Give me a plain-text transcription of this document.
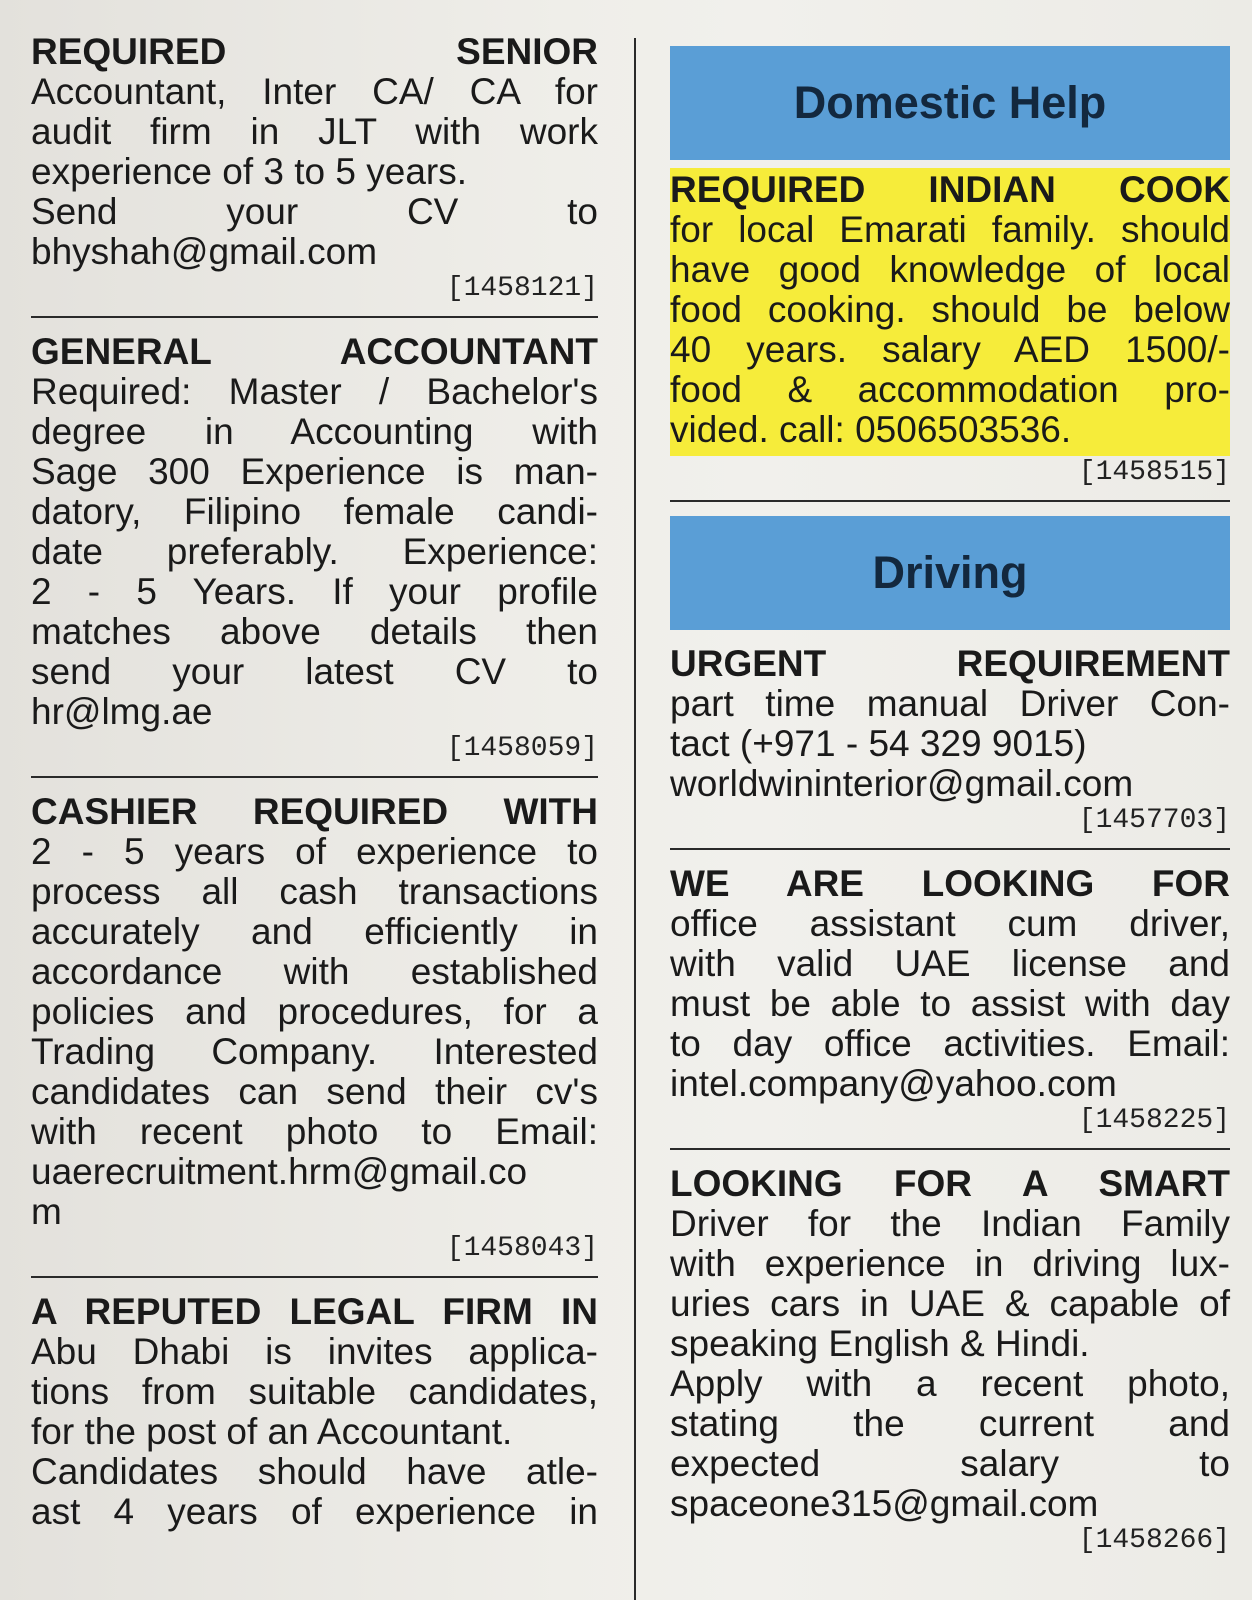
REQUIRED SENIOR
Accountant, Inter CA/ CA for
audit firm in JLT with work
experience of 3 to 5 years.
Send your CV to
bhyshah@gmail.com
[1458121]
GENERAL ACCOUNTANT
Required: Master / Bachelor's
degree in Accounting with
Sage 300 Experience is man-
datory, Filipino female candi-
date preferably. Experience:
2 - 5 Years. If your profile
matches above details then
send your latest CV to
hr@lmg.ae
[1458059]
CASHIER REQUIRED WITH
2 - 5 years of experience to
process all cash transactions
accurately and efficiently in
accordance with established
policies and procedures, for a
Trading Company. Interested
candidates can send their cv's
with recent photo to Email:
uaerecruitment.hrm@gmail.co
m
[1458043]
A REPUTED LEGAL FIRM IN
Abu Dhabi is invites applica-
tions from suitable candidates,
for the post of an Accountant.
Candidates should have atle-
ast 4 years of experience in
Domestic Help
REQUIRED INDIAN COOK
for local Emarati family. should
have good knowledge of local
food cooking. should be below
40 years. salary AED 1500/-
food & accommodation pro-
vided. call: 0506503536.
[1458515]
Driving
URGENT REQUIREMENT
part time manual Driver Con-
tact (+971 - 54 329 9015)
worldwininterior@gmail.com
[1457703]
WE ARE LOOKING FOR
office assistant cum driver,
with valid UAE license and
must be able to assist with day
to day office activities. Email:
intel.company@yahoo.com
[1458225]
LOOKING FOR A SMART
Driver for the Indian Family
with experience in driving lux-
uries cars in UAE & capable of
speaking English & Hindi.
Apply with a recent photo,
stating the current and
expected salary to
spaceone315@gmail.com
[1458266]
